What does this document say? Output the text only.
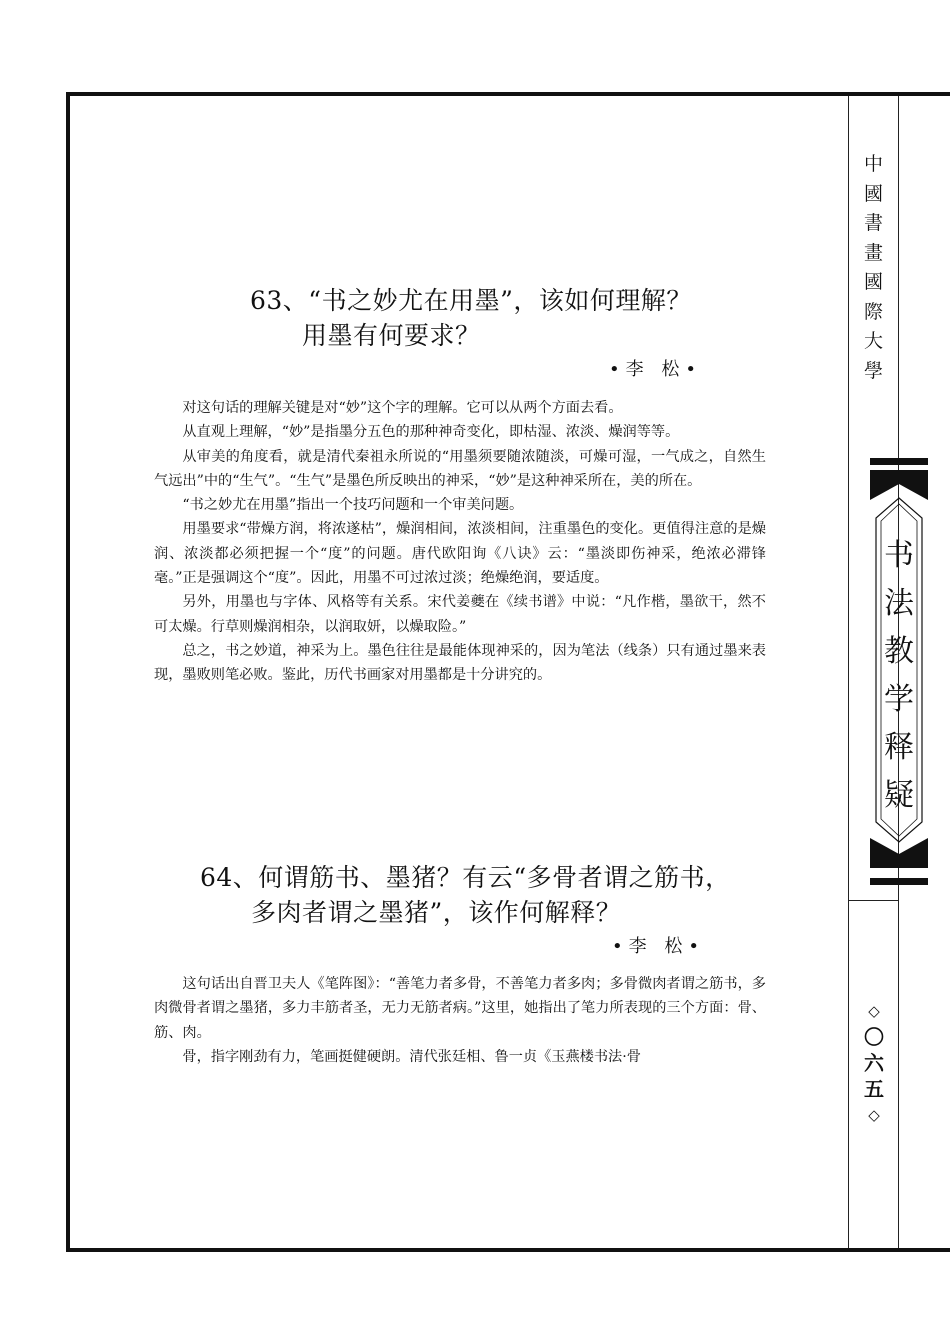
中
國
書
畫
國
際
大
學
书
法
教
学
释
疑
◇
〇
六
五
◇
63、“书之妙尤在用墨”，该如何理解？
用墨有何要求？
•李 松•

对这句话的理解关键是对“妙”这个字的理解。它可以从两个方面去看。

从直观上理解，“妙”是指墨分五色的那种神奇变化，即枯湿、浓淡、燥润等等。

从审美的角度看，就是清代秦祖永所说的“用墨须要随浓随淡，可燥可湿，一气成之，自然生气远出”中的“生气”。“生气”是墨色所反映出的神采，“妙”是这种神采所在，美的所在。

“书之妙尤在用墨”指出一个技巧问题和一个审美问题。

用墨要求“带燥方润，将浓遂枯”，燥润相间，浓淡相间，注重墨色的变化。更值得注意的是燥润、浓淡都必须把握一个“度”的问题。唐代欧阳询《八诀》云：“墨淡即伤神采，绝浓必滞锋毫。”正是强调这个“度”。因此，用墨不可过浓过淡；绝燥绝润，要适度。

另外，用墨也与字体、风格等有关系。宋代姜夔在《续书谱》中说：“凡作楷，墨欲干，然不可太燥。行草则燥润相杂，以润取妍，以燥取险。”

总之，书之妙道，神采为上。墨色往往是最能体现神采的，因为笔法（线条）只有通过墨来表现，墨败则笔必败。鉴此，历代书画家对用墨都是十分讲究的。

64、何谓筋书、墨猪？有云“多骨者谓之筋书，
多肉者谓之墨猪”，该作何解释？
•李 松•

这句话出自晋卫夫人《笔阵图》：“善笔力者多骨，不善笔力者多肉；多骨微肉者谓之筋书，多肉微骨者谓之墨猪，多力丰筋者圣，无力无筋者病。”这里，她指出了笔力所表现的三个方面：骨、筋、肉。

骨，指字刚劲有力，笔画挺健硬朗。清代张廷相、鲁一贞《玉燕楼书法·骨
